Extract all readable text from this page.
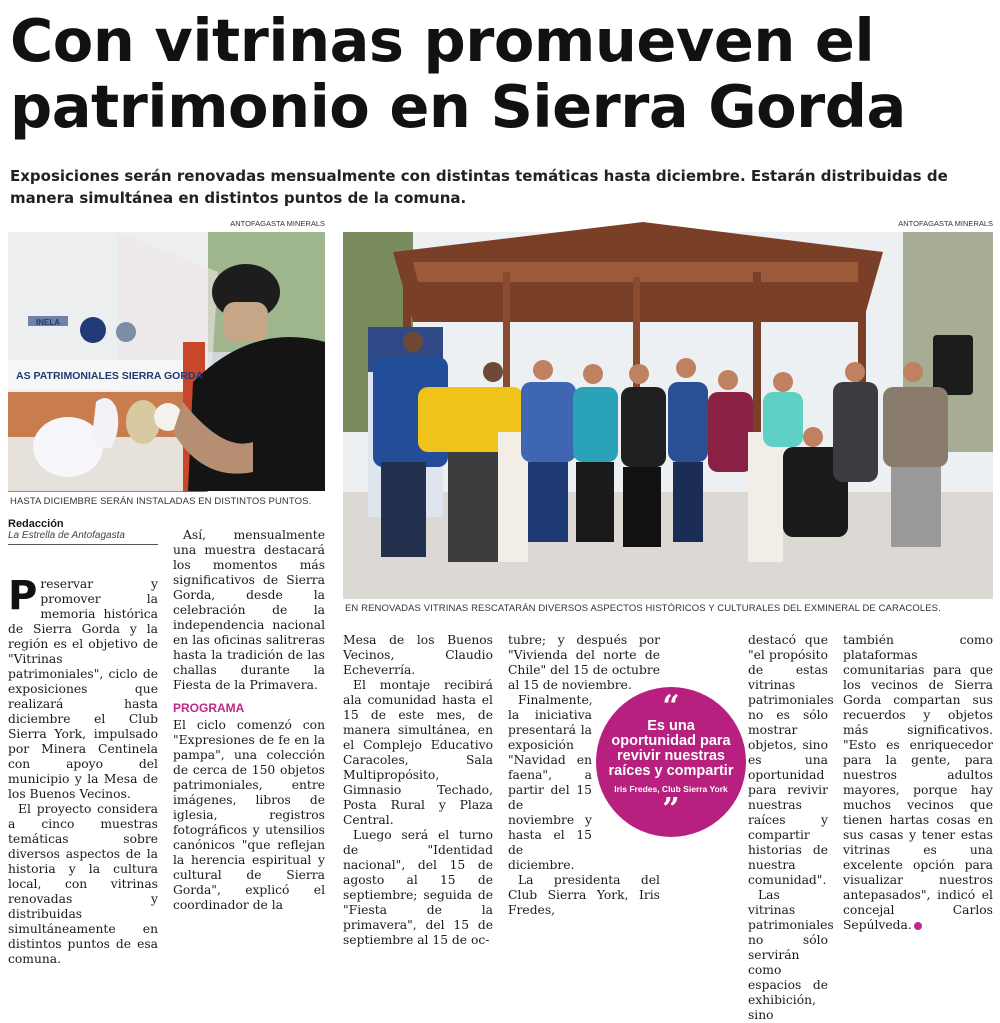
Con vitrinas promueven el
patrimonio en Sierra Gorda
Exposiciones serán renovadas mensualmente con distintas temáticas hasta diciembre. Estarán distribuidas de manera simultánea en distintos puntos de la comuna.
ANTOFAGASTA MINERALS	ANTOFAGASTA MINERALS
AS PATRIMONIALES SIERRA GORDA
INELA
HASTA DICIEMBRE SERÁN INSTALADAS EN DISTINTOS PUNTOS.
EN RENOVADAS VITRINAS RESCATARÁN DIVERSOS ASPECTOS HISTÓRICOS Y CULTURALES DEL EXMINERAL DE CARACOLES.
Redacción
La Estrella de Antofagasta

Preservar y promover la memoria histórica de Sierra Gorda y la región es el objetivo de "Vitrinas patrimoniales", ciclo de exposiciones que realizará hasta diciembre el Club Sierra York, impulsado por Minera Centinela con apoyo del municipio y la Mesa de los Buenos Vecinos.

El proyecto considera a cinco muestras temáticas sobre diversos aspectos de la historia y la cultura local, con vitrinas renovadas y distribuidas simultáneamente en distintos puntos de esa comuna.

Así, mensualmente una muestra destacará los momentos más significativos de Sierra Gorda, desde la celebración de la independencia nacional en las oficinas salitreras hasta la tradición de las challas durante la Fiesta de la Primavera.

PROGRAMA

El ciclo comenzó con "Expresiones de fe en la pampa", una colección de cerca de 150 objetos patrimoniales, entre imágenes, libros de iglesia, registros fotográficos y utensilios canónicos "que reflejan la herencia espiritual y cultural de Sierra Gorda", explicó el coordinador de la

Mesa de los Buenos Vecinos, Claudio Echeverría.

El montaje recibirá ala comunidad hasta el 15 de este mes, de manera simultánea, en el Complejo Educativo Caracoles, Sala Multipropósito, Gimnasio Techado, Posta Rural y Plaza Central.

Luego será el turno de "Identidad nacional", del 15 de agosto al 15 de septiembre; seguida de "Fiesta de la primavera", del 15 de septiembre al 15 de oc-

tubre; y después por "Vivienda del norte de Chile" del 15 de octubre al 15 de noviembre.

Finalmente, la iniciativa presentará la exposición "Navidad en faena", a partir del 15 de noviembre y hasta el 15 de diciembre.

La presidenta del Club Sierra York, Iris Fredes,

destacó que "el propósito de estas vitrinas patrimoniales no es sólo mostrar objetos, sino es una oportunidad para revivir nuestras raíces y compartir historias de nuestra comunidad".

Las vitrinas patrimoniales no sólo servirán como espacios de exhibición, sino

también como plataformas comunitarias para que los vecinos de Sierra Gorda compartan sus recuerdos y objetos más significativos. "Esto es enriquecedor para la gente, para nuestros adultos mayores, porque hay muchos vecinos que tienen hartas cosas en sus casas y tener estas vitrinas es una excelente opción para visualizar nuestros antepasados", indicó el concejal Carlos Sepúlveda.

“
Es una oportunidad para revivir nuestras raíces y compartir
Iris Fredes, Club Sierra York
”
